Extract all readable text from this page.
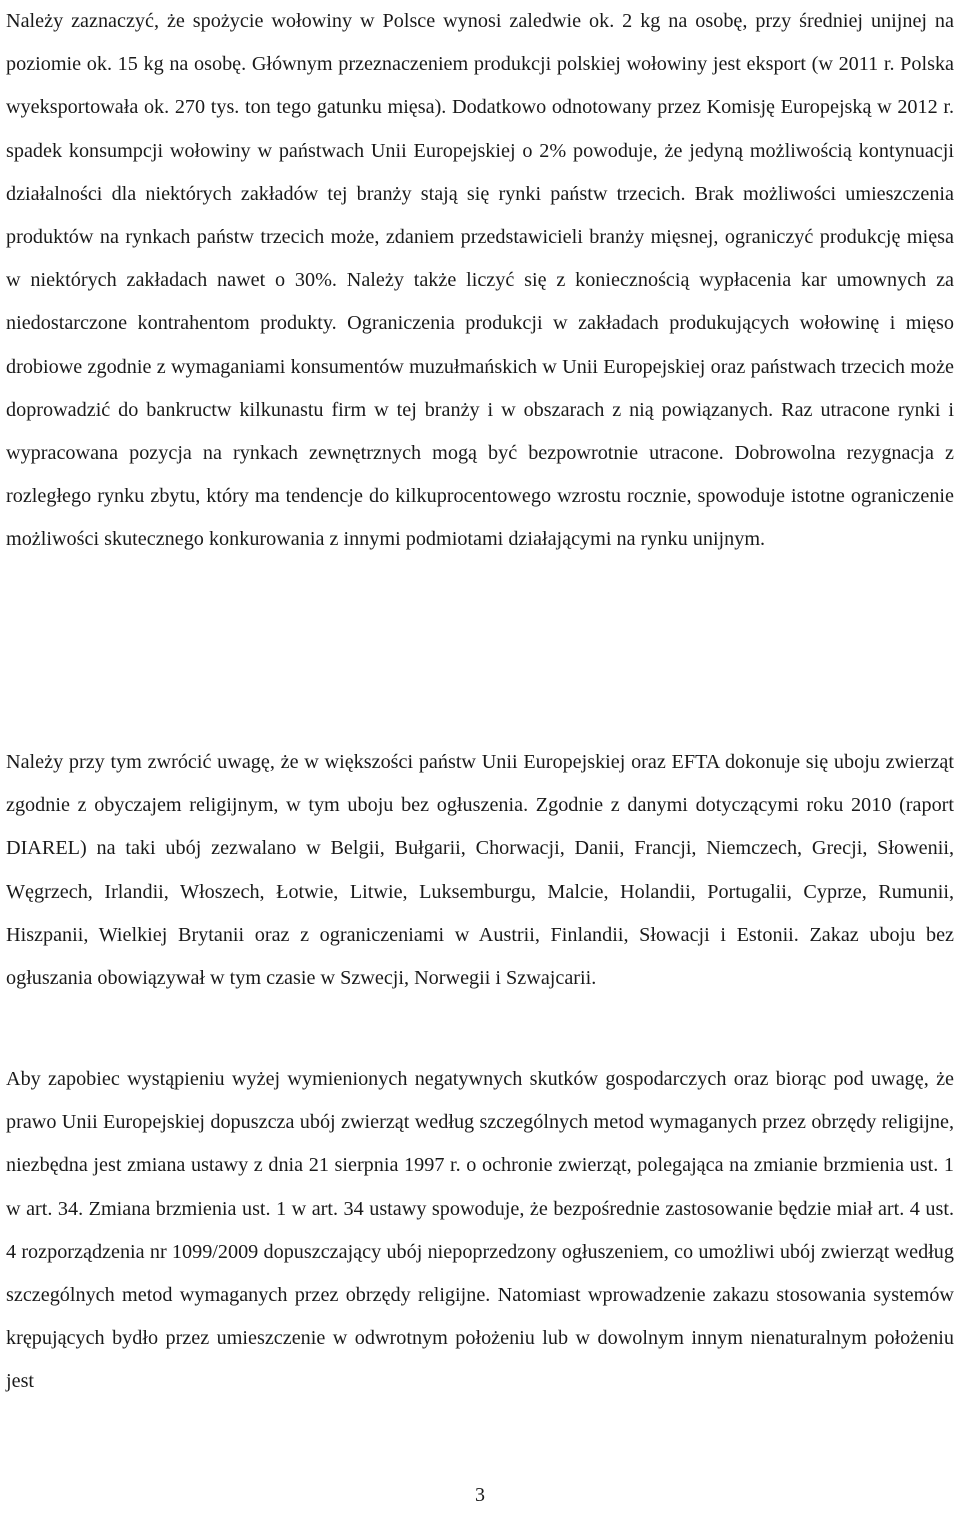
Należy zaznaczyć, że spożycie wołowiny w Polsce wynosi zaledwie ok. 2 kg na osobę, przy średniej unijnej na poziomie ok. 15 kg na osobę. Głównym przeznaczeniem produkcji polskiej wołowiny jest eksport (w 2011 r. Polska wyeksportowała ok. 270 tys. ton tego gatunku mięsa). Dodatkowo odnotowany przez Komisję Europejską w 2012 r. spadek konsumpcji wołowiny w państwach Unii Europejskiej o 2% powoduje, że jedyną możliwością kontynuacji działalności dla niektórych zakładów tej branży stają się rynki państw trzecich. Brak możliwości umieszczenia produktów na rynkach państw trzecich może, zdaniem przedstawicieli branży mięsnej, ograniczyć produkcję mięsa w niektórych zakładach nawet o 30%. Należy także liczyć się z koniecznością wypłacenia kar umownych za niedostarczone kontrahentom produkty. Ograniczenia produkcji w zakładach produkujących wołowinę i mięso drobiowe zgodnie z wymaganiami konsumentów muzułmańskich w Unii Europejskiej oraz państwach trzecich może doprowadzić do bankructw kilkunastu firm w tej branży i w obszarach z nią powiązanych. Raz utracone rynki i wypracowana pozycja na rynkach zewnętrznych mogą być bezpowrotnie utracone. Dobrowolna rezygnacja z rozległego rynku zbytu, który ma tendencje do kilkuprocentowego wzrostu rocznie, spowoduje istotne ograniczenie możliwości skutecznego konkurowania z innymi podmiotami działającymi na rynku unijnym.

Należy przy tym zwrócić uwagę, że w większości państw Unii Europejskiej oraz EFTA dokonuje się uboju zwierząt zgodnie z obyczajem religijnym, w tym uboju bez ogłuszenia. Zgodnie z danymi dotyczącymi roku 2010 (raport DIAREL) na taki ubój zezwalano w Belgii, Bułgarii, Chorwacji, Danii, Francji, Niemczech, Grecji, Słowenii, Węgrzech, Irlandii, Włoszech, Łotwie, Litwie, Luksemburgu, Malcie, Holandii, Portugalii, Cyprze, Rumunii, Hiszpanii, Wielkiej Brytanii oraz z ograniczeniami w Austrii, Finlandii, Słowacji i Estonii. Zakaz uboju bez ogłuszania obowiązywał w tym czasie w Szwecji, Norwegii i Szwajcarii.

Aby zapobiec wystąpieniu wyżej wymienionych negatywnych skutków gospodarczych oraz biorąc pod uwagę, że prawo Unii Europejskiej dopuszcza ubój zwierząt według szczególnych metod wymaganych przez obrzędy religijne, niezbędna jest zmiana ustawy z dnia 21 sierpnia 1997 r. o ochronie zwierząt, polegająca na zmianie brzmienia ust. 1 w art. 34. Zmiana brzmienia ust. 1 w art. 34 ustawy spowoduje, że bezpośrednie zastosowanie będzie miał art. 4 ust. 4 rozporządzenia nr 1099/2009 dopuszczający ubój niepoprzedzony ogłuszeniem, co umożliwi ubój zwierząt według szczególnych metod wymaganych przez obrzędy religijne. Natomiast wprowadzenie zakazu stosowania systemów krępujących bydło przez umieszczenie w odwrotnym położeniu lub w dowolnym innym nienaturalnym położeniu jest

3
